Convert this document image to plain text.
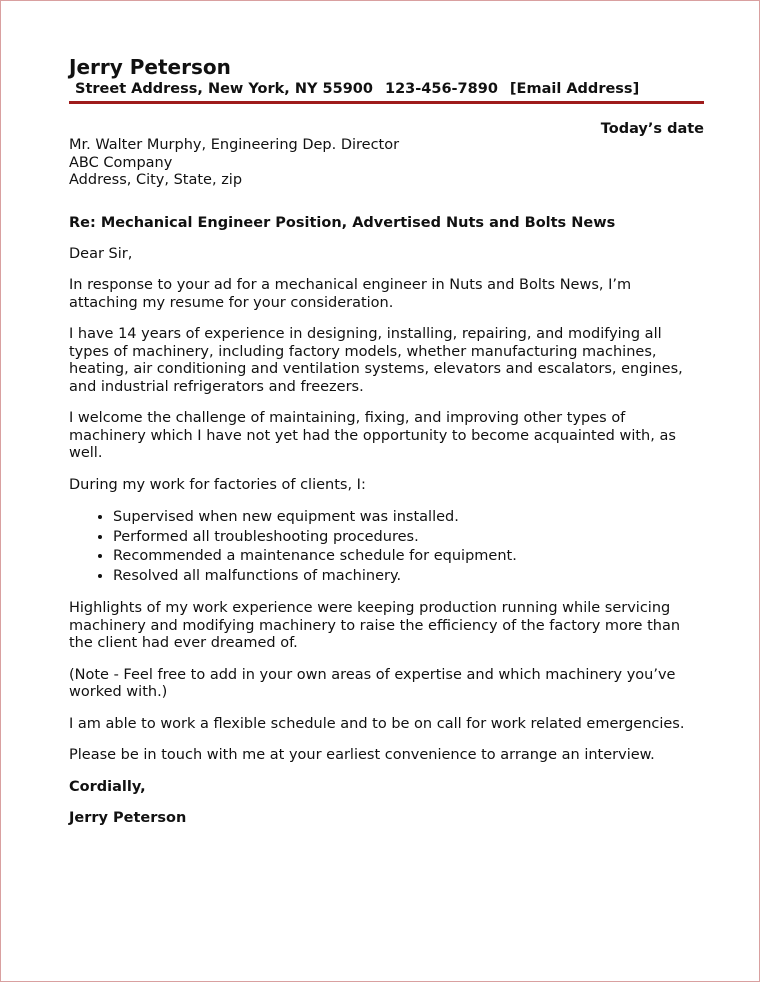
Jerry Peterson
Street Address, New York, NY 55900 123-456-7890 [Email Address]
Today’s date
Mr. Walter Murphy, Engineering Dep. Director
ABC Company
Address, City, State, zip
Re: Mechanical Engineer Position, Advertised Nuts and Bolts News

Dear Sir,

In response to your ad for a mechanical engineer in Nuts and Bolts News, I’m attaching my resume for your consideration.

I have 14 years of experience in designing, installing, repairing, and modifying all types of machinery, including factory models, whether manufacturing machines, heating, air conditioning and ventilation systems, elevators and escalators, engines, and industrial refrigerators and freezers.

I welcome the challenge of maintaining, fixing, and improving other types of machinery which I have not yet had the opportunity to become acquainted with, as well.

During my work for factories of clients, I:

• Supervised when new equipment was installed.
• Performed all troubleshooting procedures.
• Recommended a maintenance schedule for equipment.
• Resolved all malfunctions of machinery.

Highlights of my work experience were keeping production running while servicing machinery and modifying machinery to raise the efficiency of the factory more than the client had ever dreamed of.

(Note - Feel free to add in your own areas of expertise and which machinery you’ve worked with.)

I am able to work a flexible schedule and to be on call for work related emergencies.

Please be in touch with me at your earliest convenience to arrange an interview.

Cordially,

Jerry Peterson
